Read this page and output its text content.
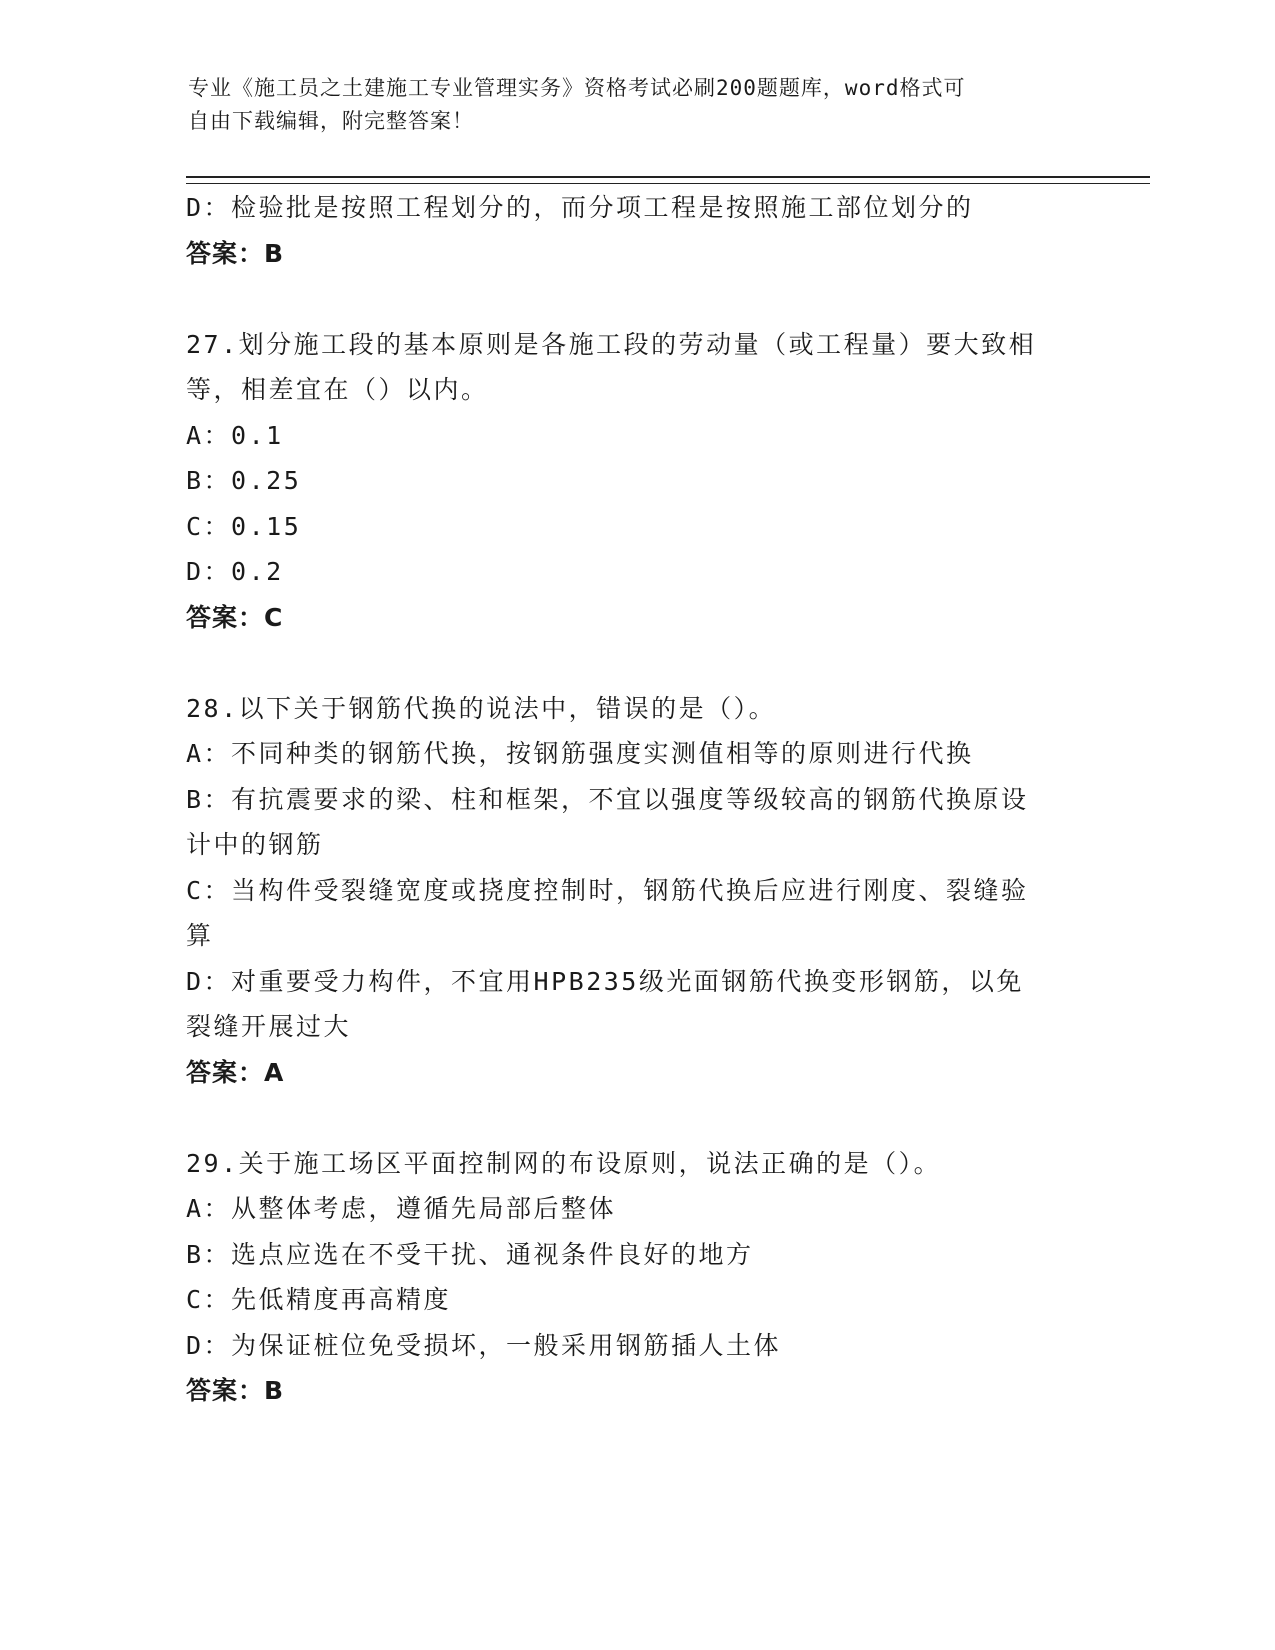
专业《施工员之土建施工专业管理实务》资格考试必刷200题题库，word格式可
自由下载编辑，附完整答案！
D：检验批是按照工程划分的，而分项工程是按照施工部位划分的
答案：B
27.划分施工段的基本原则是各施工段的劳动量（或工程量）要大致相
等，相差宜在（）以内。
A：0.1
B：0.25
C：0.15
D：0.2
答案：C
28.以下关于钢筋代换的说法中，错误的是（）。
A：不同种类的钢筋代换，按钢筋强度实测值相等的原则进行代换
B：有抗震要求的梁、柱和框架，不宜以强度等级较高的钢筋代换原设
计中的钢筋
C：当构件受裂缝宽度或挠度控制时，钢筋代换后应进行刚度、裂缝验
算
D：对重要受力构件，不宜用HPB235级光面钢筋代换变形钢筋，以免
裂缝开展过大
答案：A
29.关于施工场区平面控制网的布设原则，说法正确的是（）。
A：从整体考虑，遵循先局部后整体
B：选点应选在不受干扰、通视条件良好的地方
C：先低精度再高精度
D：为保证桩位免受损坏，一般采用钢筋插人土体
答案：B
